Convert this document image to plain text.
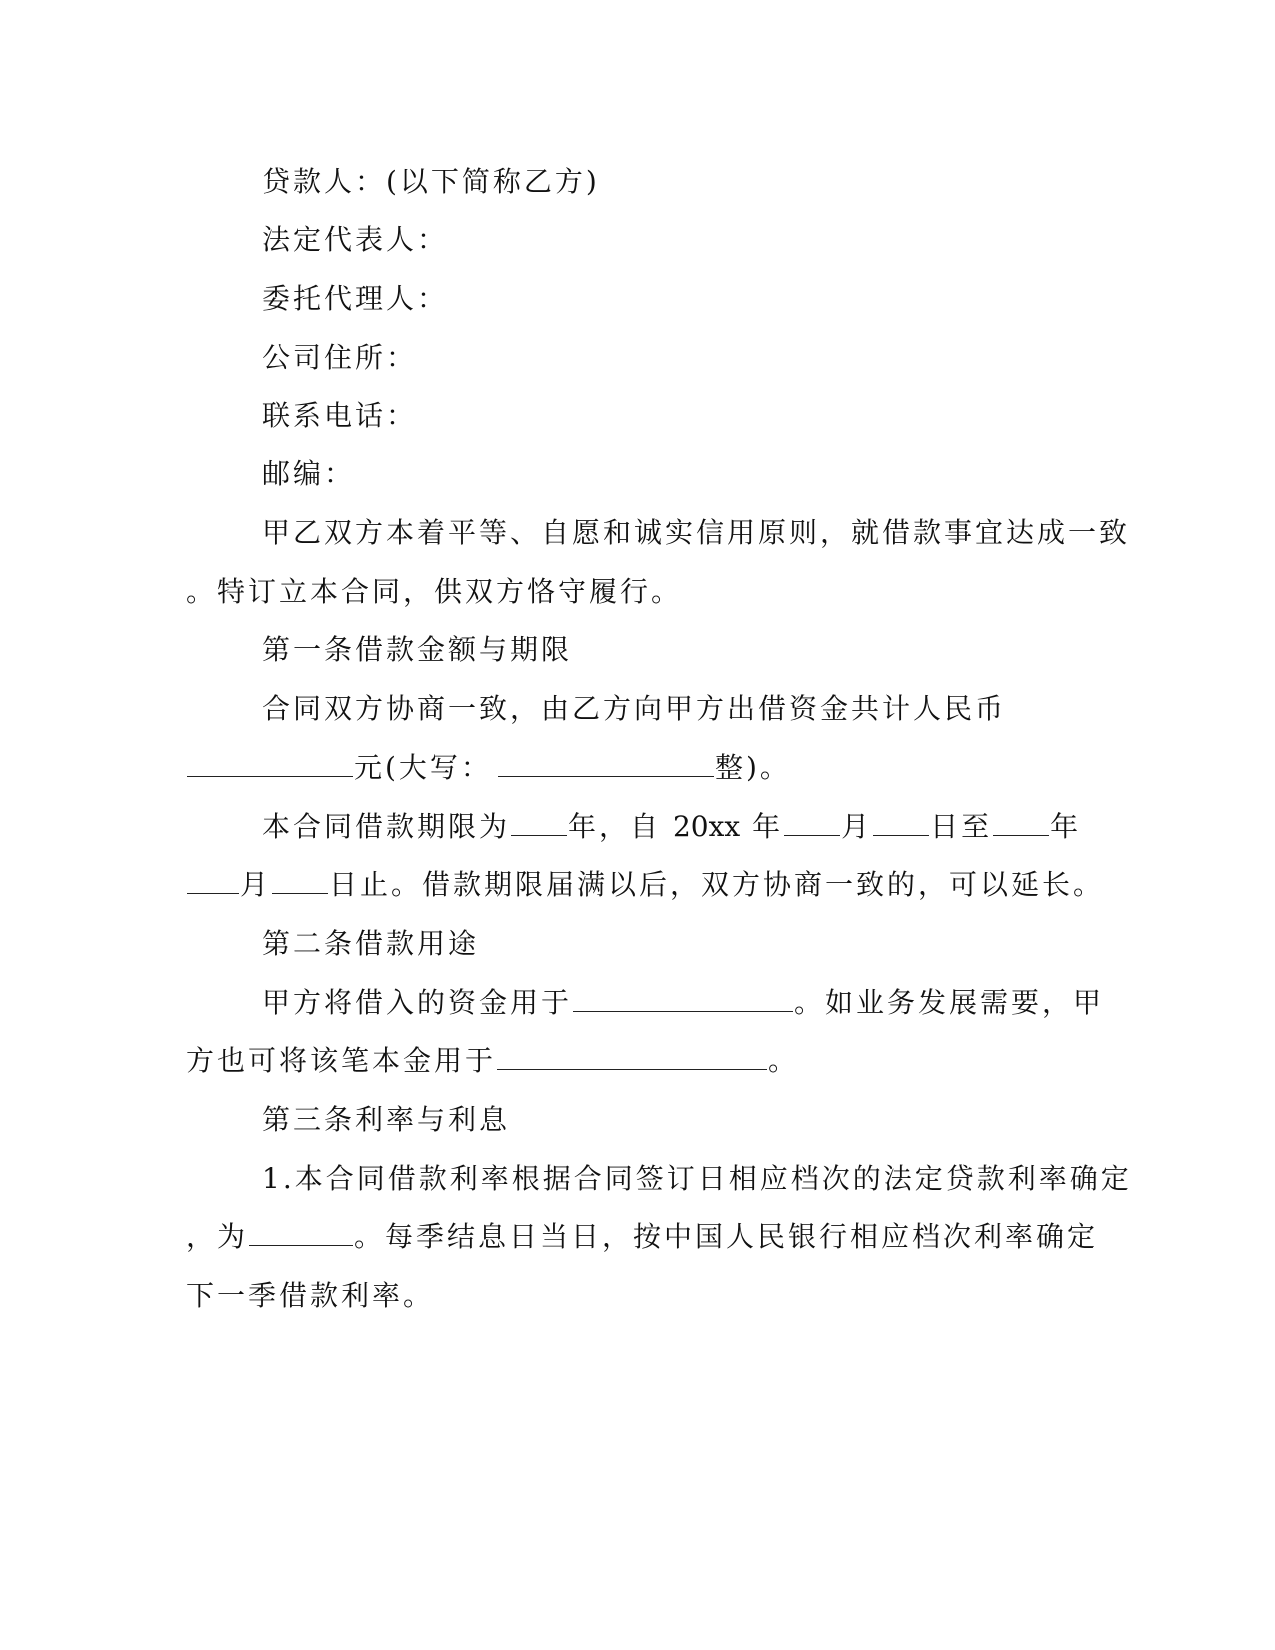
贷款人：(以下简称乙方)
法定代表人：
委托代理人：
公司住所：
联系电话：
邮编：
甲乙双方本着平等、自愿和诚实信用原则，就借款事宜达成一致
。特订立本合同，供双方恪守履行。
第一条借款金额与期限
合同双方协商一致，由乙方向甲方出借资金共计人民币
元(大写：	整)。
本合同借款期限为 年，自 20xx 年 月 日至 年
月 日止。借款期限届满以后，双方协商一致的，可以延长。
第二条借款用途
甲方将借入的资金用于	。如业务发展需要，甲
方也可将该笔本金用于	。
第三条利率与利息
1.本合同借款利率根据合同签订日相应档次的法定贷款利率确定
，为	。每季结息日当日，按中国人民银行相应档次利率确定
下一季借款利率。
